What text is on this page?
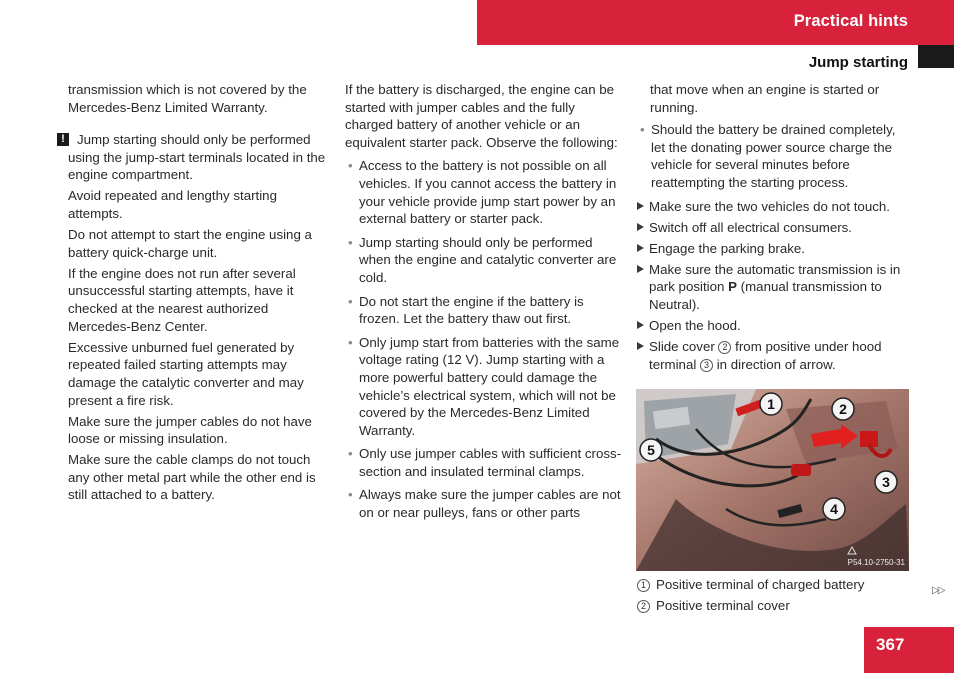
Practical hints
Jump starting
transmission which is not covered by the Mercedes-Benz Limited Warranty.
! Jump starting should only be performed using the jump-start terminals located in the engine compartment.
Avoid repeated and lengthy starting attempts.
Do not attempt to start the engine using a battery quick-charge unit.
If the engine does not run after several unsuccessful starting attempts, have it checked at the nearest authorized Mercedes-Benz Center.
Excessive unburned fuel generated by repeated failed starting attempts may damage the catalytic converter and may present a fire risk.
Make sure the jumper cables do not have loose or missing insulation.
Make sure the cable clamps do not touch any other metal part while the other end is still attached to a battery.
If the battery is discharged, the engine can be started with jumper cables and the fully charged battery of another vehicle or an equivalent starter pack. Observe the following:
• Access to the battery is not possible on all vehicles. If you cannot access the battery in your vehicle provide jump start power by an external battery or starter pack.
• Jump starting should only be performed when the engine and catalytic converter are cold.
• Do not start the engine if the battery is frozen. Let the battery thaw out first.
• Only jump start from batteries with the same voltage rating (12 V). Jump starting with a more powerful battery could damage the vehicle’s electrical system, which will not be covered by the Mercedes-Benz Limited Warranty.
• Only use jumper cables with sufficient cross-section and insulated terminal clamps.
• Always make sure the jumper cables are not on or near pulleys, fans or other parts
that move when an engine is started or running.
• Should the battery be drained completely, let the donating power source charge the vehicle for several minutes before reattempting the starting process.
Make sure the two vehicles do not touch.
Switch off all electrical consumers.
Engage the parking brake.
Make sure the automatic transmission is in park position P (manual transmission to Neutral).
Open the hood.
Slide cover 2 from positive under hood terminal 3 in direction of arrow.
1	2
3
4
5
P54.10-2750-31
1 Positive terminal of charged battery
2 Positive terminal cover
▷▷
367
